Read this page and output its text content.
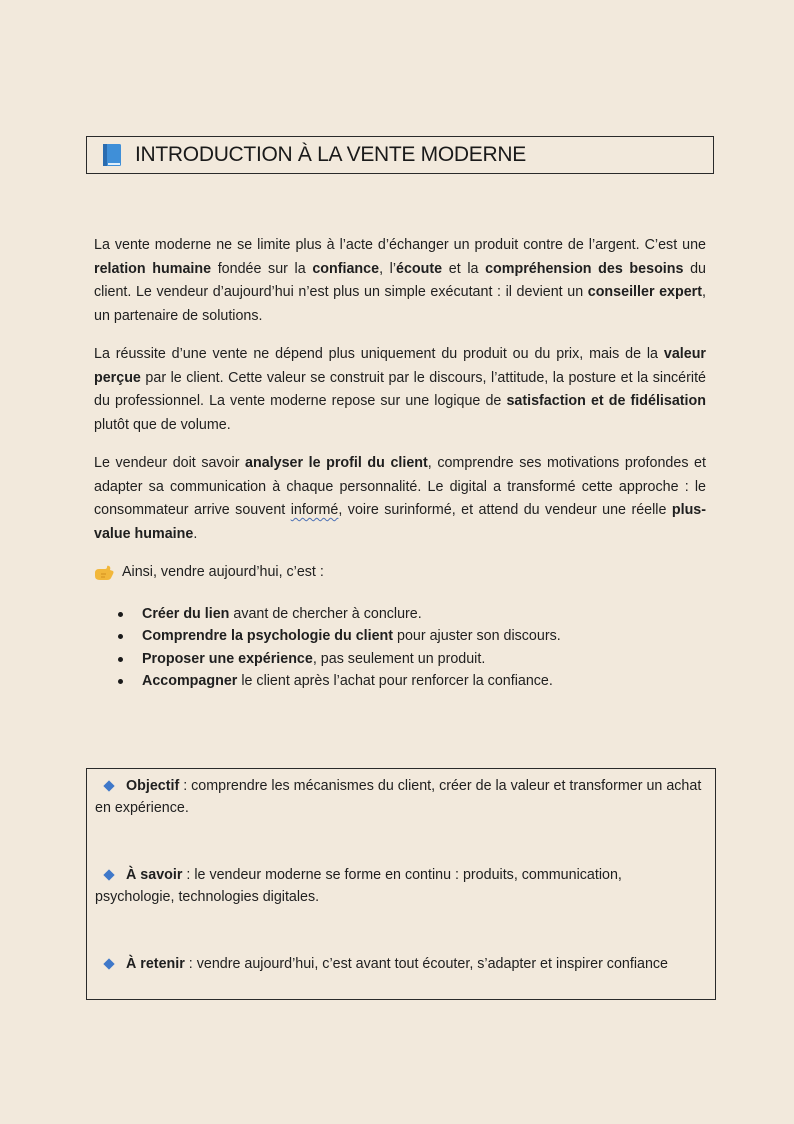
INTRODUCTION À LA VENTE MODERNE

La vente moderne ne se limite plus à l’acte d’échanger un produit contre de l’argent. C’est une relation humaine fondée sur la confiance, l’écoute et la compréhension des besoins du client. Le vendeur d’aujourd’hui n’est plus un simple exécutant : il devient un conseiller expert, un partenaire de solutions.

La réussite d’une vente ne dépend plus uniquement du produit ou du prix, mais de la valeur perçue par le client. Cette valeur se construit par le discours, l’attitude, la posture et la sincérité du professionnel. La vente moderne repose sur une logique de satisfaction et de fidélisation plutôt que de volume.

Le vendeur doit savoir analyser le profil du client, comprendre ses motivations profondes et adapter sa communication à chaque personnalité. Le digital a transformé cette approche : le consommateur arrive souvent informé, voire surinformé, et attend du vendeur une réelle plus-value humaine.

Ainsi, vendre aujourd’hui, c’est :
Créer du lien avant de chercher à conclure.
Comprendre la psychologie du client pour ajuster son discours.
Proposer une expérience, pas seulement un produit.
Accompagner le client après l’achat pour renforcer la confiance.
Objectif : comprendre les mécanismes du client, créer de la valeur et transformer un achat en expérience.
À savoir : le vendeur moderne se forme en continu : produits, communication, psychologie, technologies digitales.
À retenir : vendre aujourd’hui, c’est avant tout écouter, s’adapter et inspirer confiance
